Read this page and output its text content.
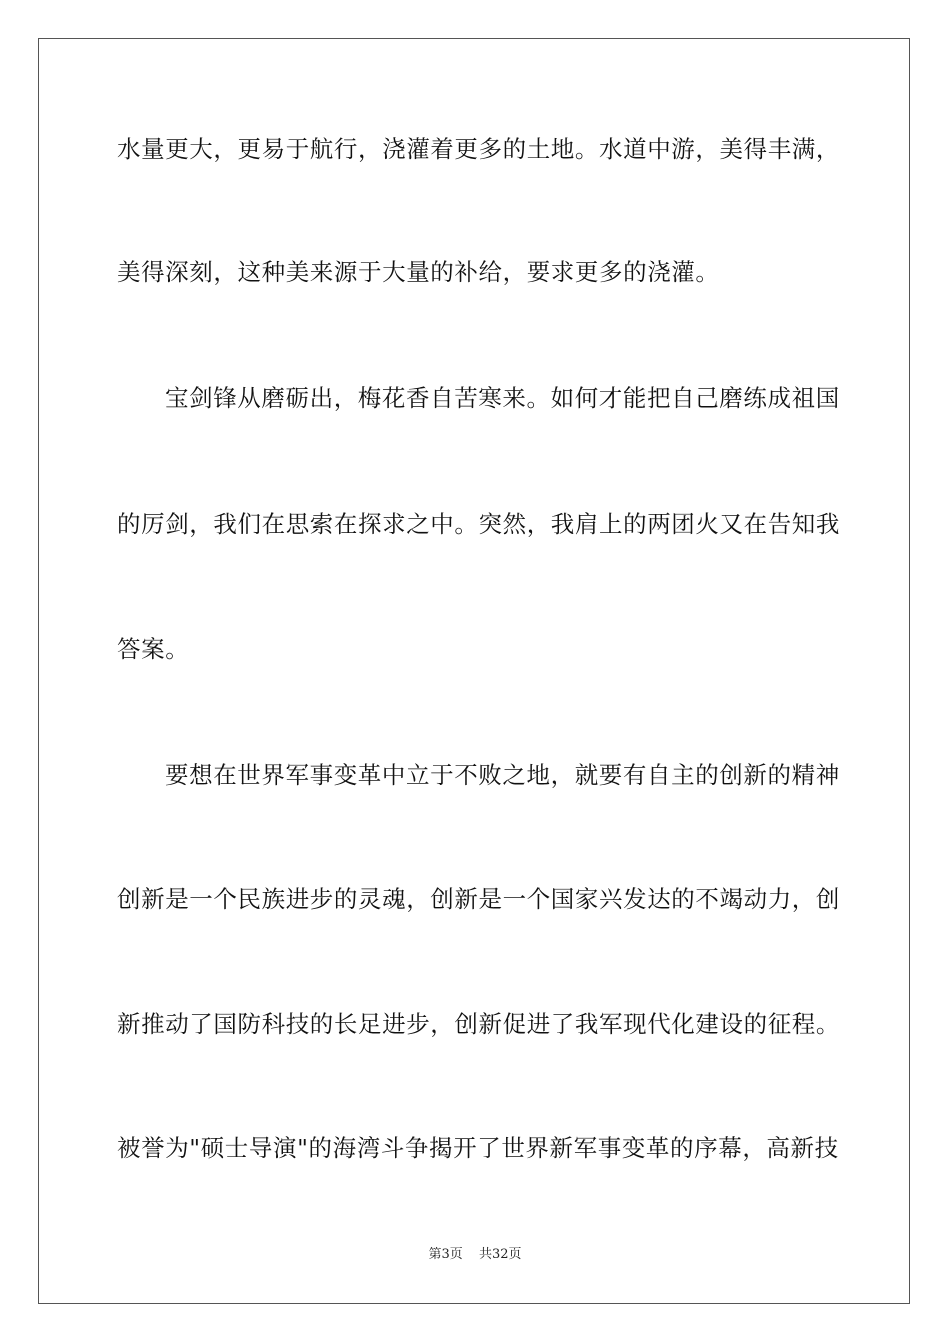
水量更大，更易于航行，浇灌着更多的土地。水道中游，美得丰满，
美得深刻，这种美来源于大量的补给，要求更多的浇灌。
宝剑锋从磨砺出，梅花香自苦寒来。如何才能把自己磨练成祖国
的厉剑，我们在思索在探求之中。突然，我肩上的两团火又在告知我
答案。
要想在世界军事变革中立于不败之地，就要有自主的创新的精神
创新是一个民族进步的灵魂，创新是一个国家兴发达的不竭动力，创
新推动了国防科技的长足进步，创新促进了我军现代化建设的征程。
被誉为"硕士导演"的海湾斗争揭开了世界新军事变革的序幕，高新技
第3页 共32页
